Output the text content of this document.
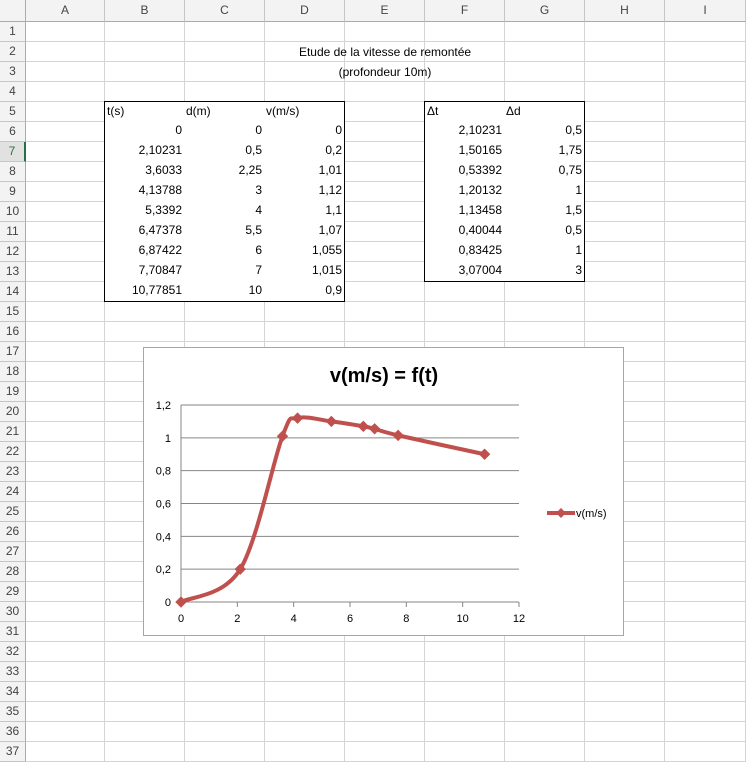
A	B	C	D	E	F	G	H	I
1
2
3
4
5
6
7
8
9
10
11
12
13
14
15
16
17
18
19
20
21
22
23
24
25
26
27
28
29
30
31
32
33
34
35
36
37
Etude de la vitesse de remontée
(profondeur 10m)
t(s)	d(m)	v(m/s)
0	0	0
2,10231	0,5	0,2
3,6033	2,25	1,01
4,13788	3	1,12
5,3392	4	1,1
6,47378	5,5	1,07
6,87422	6	1,055
7,70847	7	1,015
10,77851	10	0,9
Δt	Δd
2,10231	0,5
1,50165	1,75
0,53392	0,75
1,20132	1
1,13458	1,5
0,40044	0,5
0,83425	1
3,07004	3
v(m/s) = f(t)
0
0,2
0,4
0,6
0,8
1
1,2
0	2	4	6	8	10	12
v(m/s)
